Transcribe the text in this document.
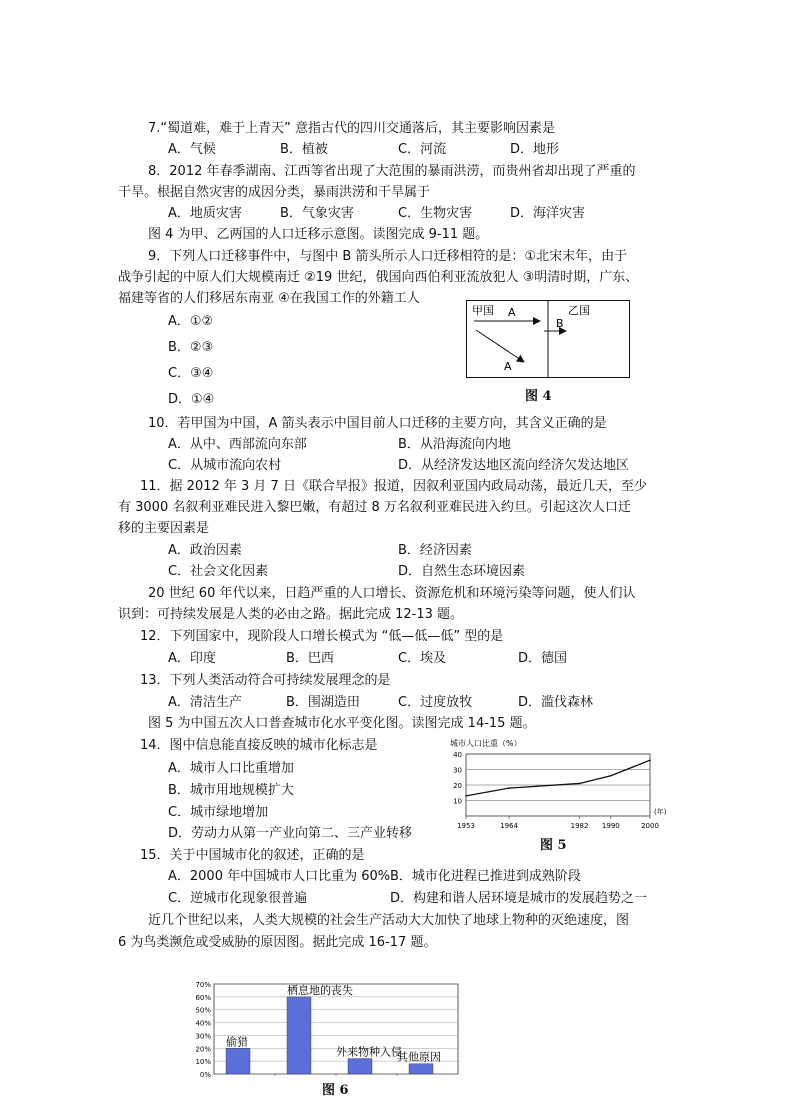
7.“蜀道难，难于上青天” 意指古代的四川交通落后，其主要影响因素是
A．气候	B．植被	C．河流	D．地形
8．2012 年春季湖南、江西等省出现了大范围的暴雨洪涝，而贵州省却出现了严重的
干旱。根据自然灾害的成因分类，暴雨洪涝和干旱属于
A．地质灾害	B．气象灾害	C．生物灾害	D．海洋灾害
图 4 为甲、乙两国的人口迁移示意图。读图完成 9-11 题。
9．下列人口迁移事件中，与图中 B 箭头所示人口迁移相符的是：①北宋末年，由于
战争引起的中原人们大规模南迁 ②19 世纪，俄国向西伯利亚流放犯人 ③明清时期，广东、
福建等省的人们移居东南亚 ④在我国工作的外籍工人
A．①②
B．②③
C．③④
D．①④
甲国 A
B
乙国
A
图 4
10．若甲国为中国，A 箭头表示中国目前人口迁移的主要方向，其含义正确的是
A．从中、西部流向东部	B．从沿海流向内地
C．从城市流向农村	D．从经济发达地区流向经济欠发达地区
11．据 2012 年 3 月 7 日《联合早报》报道，因叙利亚国内政局动荡，最近几天，至少
有 3000 名叙利亚难民进入黎巴嫩，有超过 8 万名叙利亚难民进入约旦。引起这次人口迁
移的主要因素是
A．政治因素	B．经济因素
C．社会文化因素	D．自然生态环境因素
20 世纪 60 年代以来，日趋严重的人口增长、资源危机和环境污染等问题，使人们认
识到：可持续发展是人类的必由之路。据此完成 12-13 题。
12．下列国家中，现阶段人口增长模式为 “低—低—低” 型的是
A．印度	B．巴西	C．埃及	D．德国
13．下列人类活动符合可持续发展理念的是
A．清洁生产	B．围湖造田	C．过度放牧	D．滥伐森林
图 5 为中国五次人口普查城市化水平变化图。读图完成 14-15 题。
14．图中信息能直接反映的城市化标志是
A．城市人口比重增加
B．城市用地规模扩大
C．城市绿地增加
D．劳动力从第一产业向第二、三产业转移
城市人口比重（%）
10
20
30
40
1953	1964	1982 1990	2000
(年)
图 5
15．关于中国城市化的叙述，正确的是
A．2000 年中国城市人口比重为 60% B．城市化进程已推进到成熟阶段
C．逆城市化现象很普遍	D．构建和谐人居环境是城市的发展趋势之一
近几个世纪以来，人类大规模的社会生产活动大大加快了地球上物种的灭绝速度，图
6 为鸟类濒危或受威胁的原因图。据此完成 16-17 题。
0%
10%
20%
30%
40%
50%
60%
70%
偷猎
栖息地的丧失
外来物种入侵
其他原因
图 6
